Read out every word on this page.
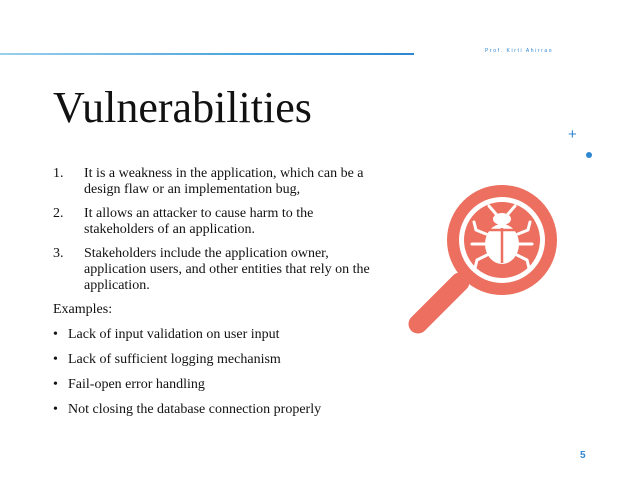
Prof. Kirti Ahirrao
Vulnerabilities
+
1.	It is a weakness in the application, which can be a design flaw or an implementation bug,
2.	It allows an attacker to cause harm to the stakeholders of an application.
3.	Stakeholders include the application owner, application users, and other entities that rely on the application.
Examples:
• Lack of input validation on user input
• Lack of sufficient logging mechanism
• Fail-open error handling
• Not closing the database connection properly
5
